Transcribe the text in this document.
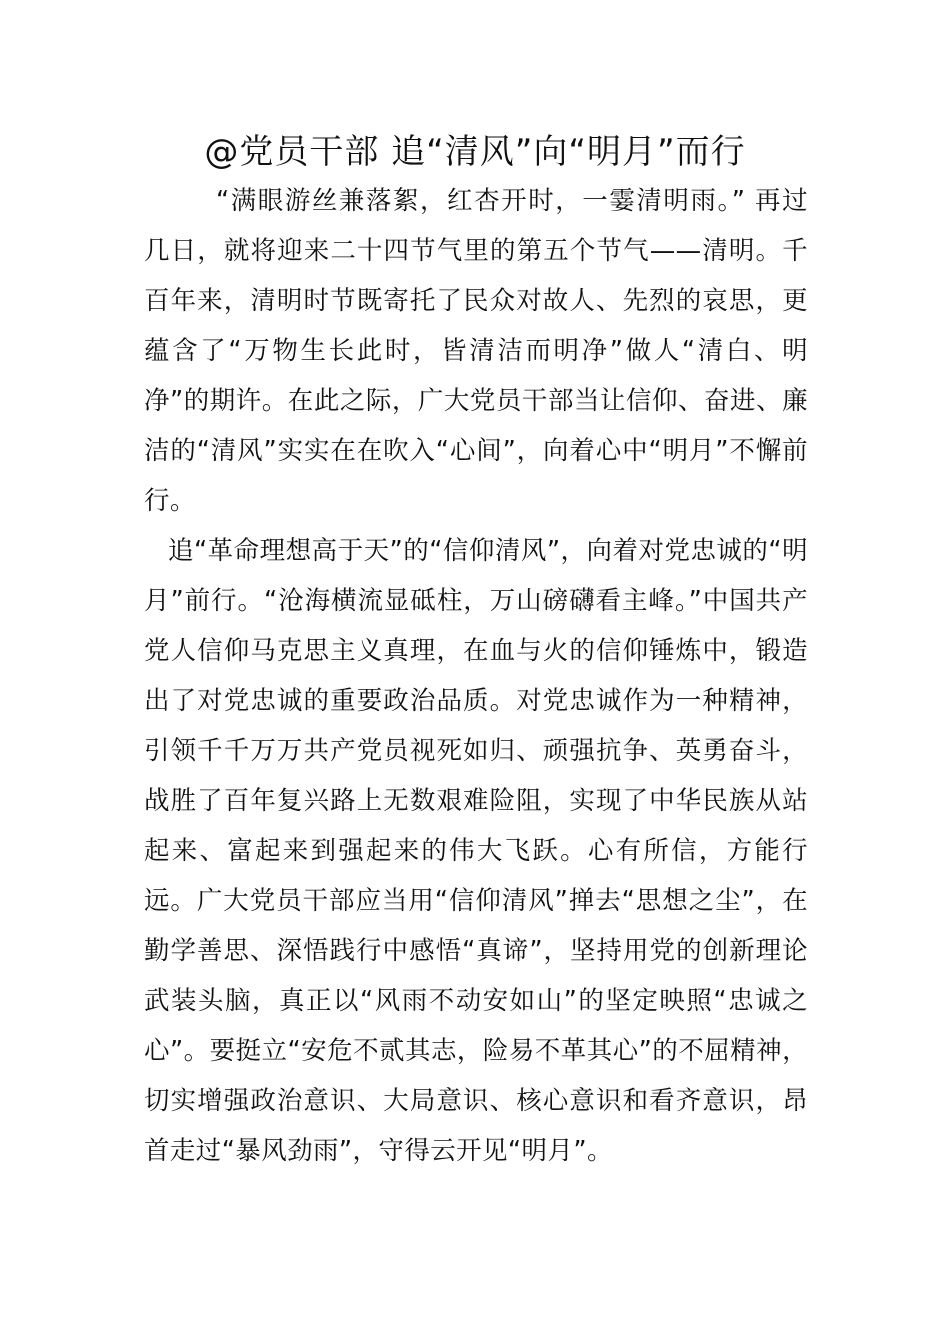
@党员干部 追“清风”向“明月”而行

“满眼游丝兼落絮，红杏开时，一霎清明雨。” 再过几日，就将迎来二十四节气里的第五个节气——清明。千百年来，清明时节既寄托了民众对故人、先烈的哀思，更蕴含了“万物生长此时，皆清洁而明净”做人“清白、明净”的期许。在此之际，广大党员干部当让信仰、奋进、廉洁的“清风”实实在在吹入“心间”，向着心中“明月”不懈前行。

追“革命理想高于天”的“信仰清风”，向着对党忠诚的“明月”前行。“沧海横流显砥柱，万山磅礴看主峰。”中国共产党人信仰马克思主义真理，在血与火的信仰锤炼中，锻造出了对党忠诚的重要政治品质。对党忠诚作为一种精神，引领千千万万共产党员视死如归、顽强抗争、英勇奋斗，战胜了百年复兴路上无数艰难险阻，实现了中华民族从站起来、富起来到强起来的伟大飞跃。心有所信，方能行远。广大党员干部应当用“信仰清风”掸去“思想之尘”，在勤学善思、深悟践行中感悟“真谛”，坚持用党的创新理论武装头脑，真正以“风雨不动安如山”的坚定映照“忠诚之心”。要挺立“安危不贰其志，险易不革其心”的不屈精神，切实增强政治意识、大局意识、核心意识和看齐意识，昂首走过“暴风劲雨”，守得云开见“明月”。
